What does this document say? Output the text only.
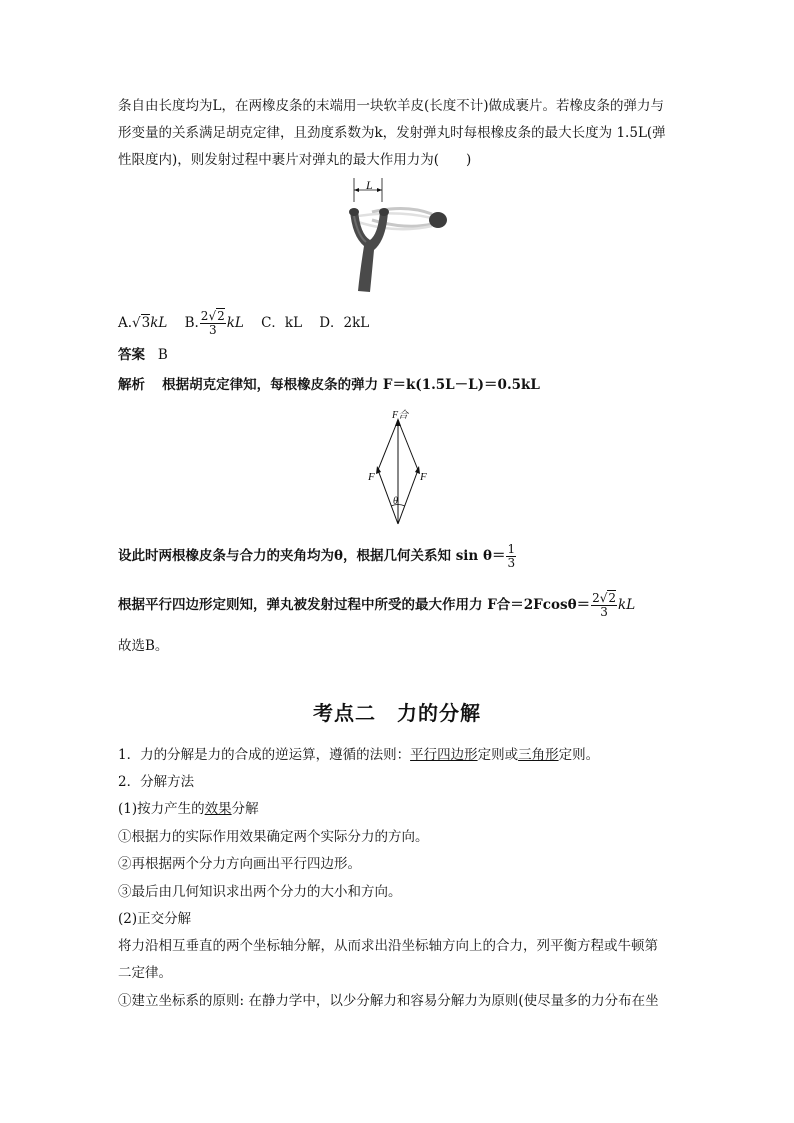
条自由长度均为L，在两橡皮条的末端用一块软羊皮(长度不计)做成裹片。若橡皮条的弹力与
形变量的关系满足胡克定律，且劲度系数为k，发射弹丸时每根橡皮条的最大长度为 1.5L(弹
性限度内)，则发射过程中裹片对弹丸的最大作用力为(　　)
L
A.√3kL B. $\frac{2√2}{3}$ kL C．kL D．2kL
答案 B
解析 根据胡克定律知，每根橡皮条的弹力 F＝k(1.5L－L)＝0.5kL
F合
F	F
θ
设此时两根橡皮条与合力的夹角均为θ，根据几何关系知 $\sin \theta= \frac{1}{3}$
根据平行四边形定则知，弹丸被发射过程中所受的最大作用力 F合$=2Fcos\theta= \frac{2√2}{3}$ kL
故选B。
考点二　力的分解
1．力的分解是力的合成的逆运算，遵循的法则：平行四边形定则或三角形定则。
2．分解方法
(1)按力产生的效果分解
①根据力的实际作用效果确定两个实际分力的方向。
②再根据两个分力方向画出平行四边形。
③最后由几何知识求出两个分力的大小和方向。
(2)正交分解
将力沿相互垂直的两个坐标轴分解，从而求出沿坐标轴方向上的合力，列平衡方程或牛顿第
二定律。
①建立坐标系的原则: 在静力学中，以少分解力和容易分解力为原则(使尽量多的力分布在坐
